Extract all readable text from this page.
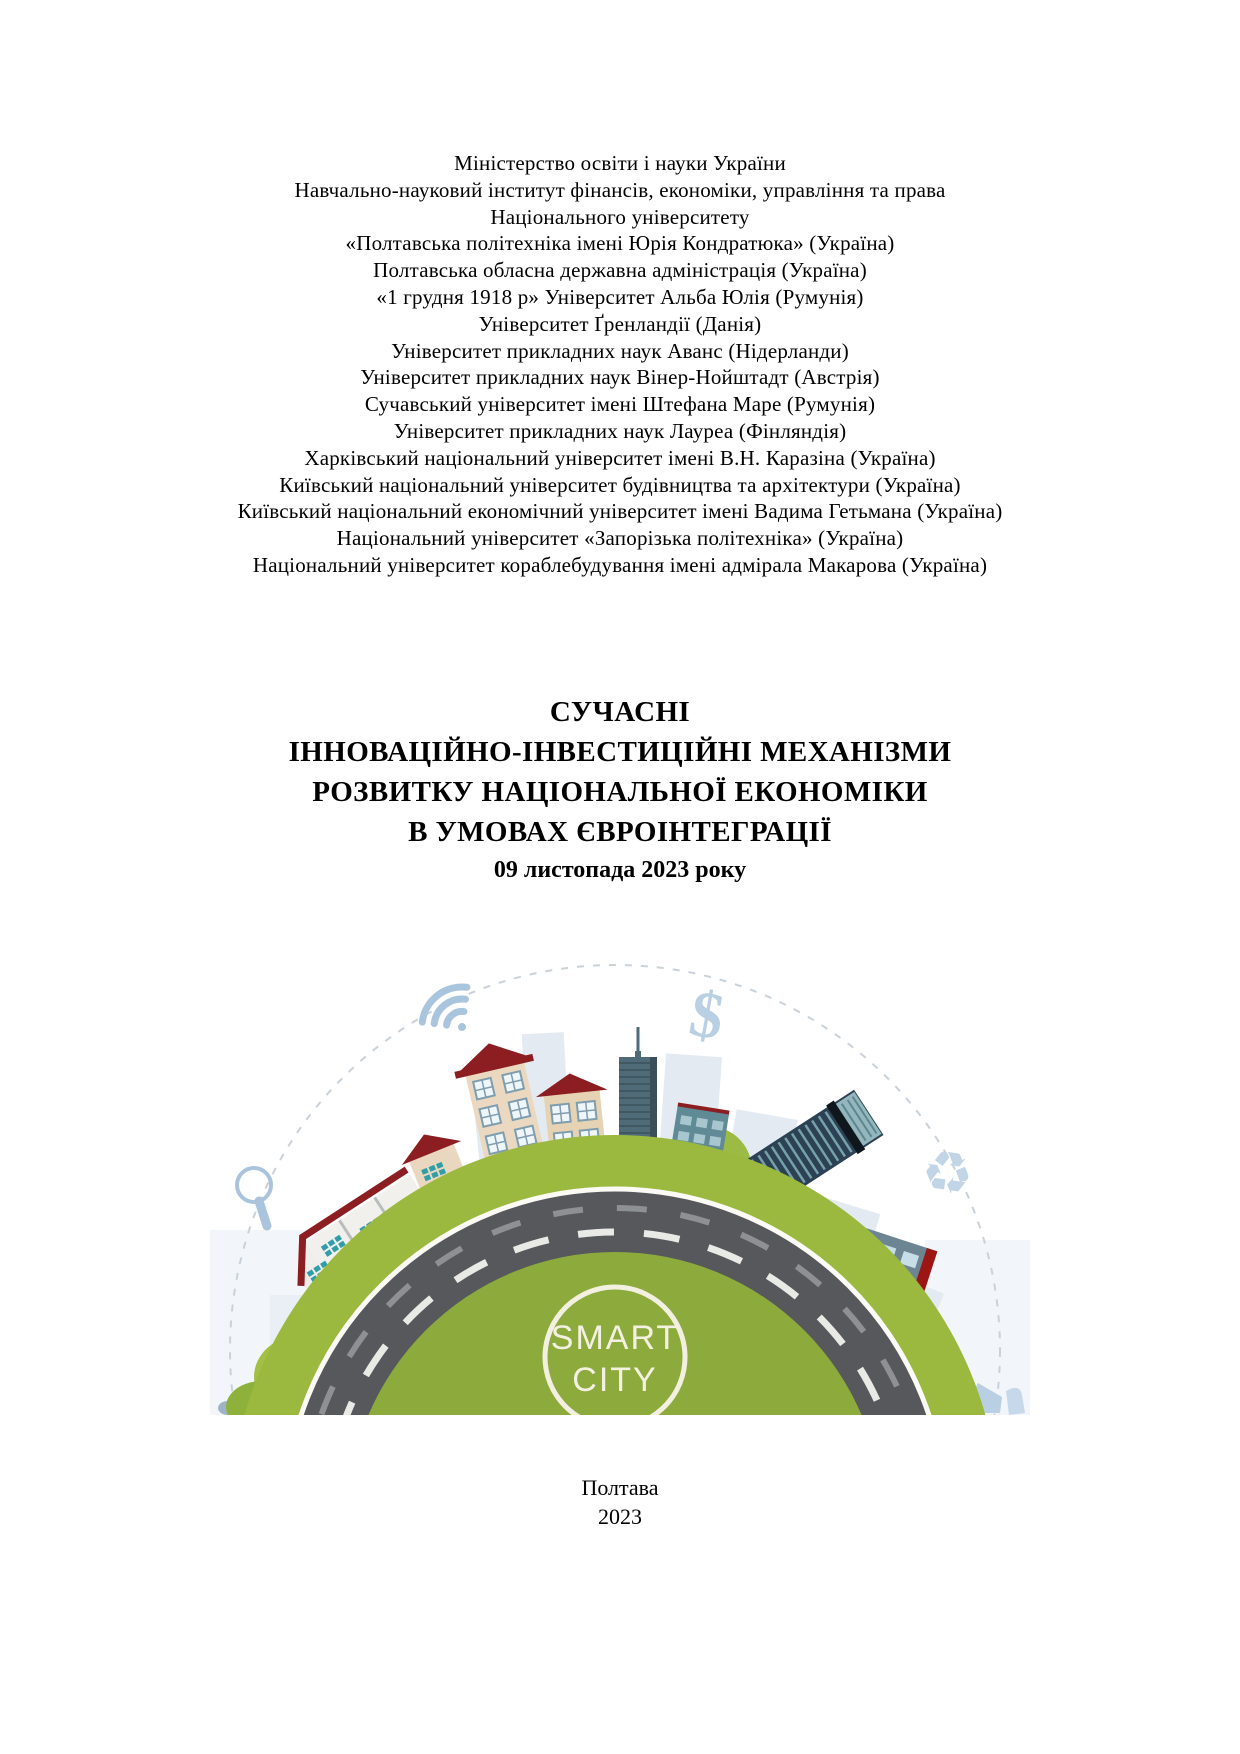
Міністерство освіти і науки України
Навчально-науковий інститут фінансів, економіки, управління та права
Національного університету
«Полтавська політехніка імені Юрія Кондратюка» (Україна)
Полтавська обласна державна адміністрація (Україна)
«1 грудня 1918 р» Університет Альба Юлія (Румунія)
Університет Ґренландії (Данія)
Університет прикладних наук Аванс (Нідерланди)
Університет прикладних наук Вінер-Нойштадт (Австрія)
Сучавський університет імені Штефана Маре (Румунія)
Університет прикладних наук Лауреа (Фінляндія)
Харківський національний університет імені В.Н. Каразіна (Україна)
Київський національний університет будівництва та архітектури (Україна)
Київський національний економічний університет імені Вадима Гетьмана (Україна)
Національний університет «Запорізька політехніка» (Україна)
Національний університет кораблебудування імені адмірала Макарова (Україна)
СУЧАСНІ
ІННОВАЦІЙНО-ІНВЕСТИЦІЙНІ МЕХАНІЗМИ
РОЗВИТКУ НАЦІОНАЛЬНОЇ ЕКОНОМІКИ
В УМОВАХ ЄВРОІНТЕГРАЦІЇ
09 листопада 2023 року
$
♻
SMART
CITY
Полтава
2023
